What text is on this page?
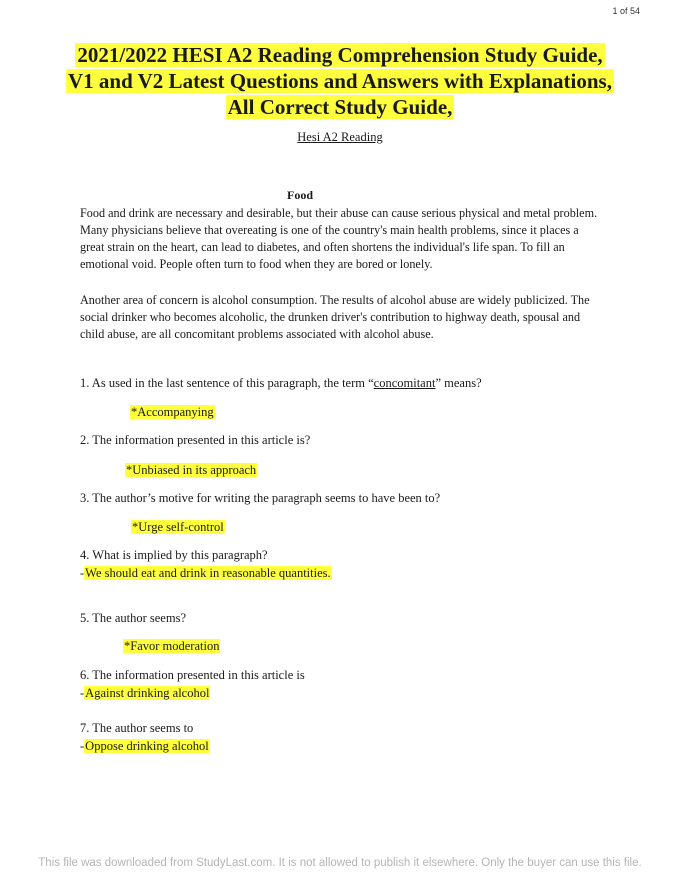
1 of 54
2021/2022 HESI A2 Reading Comprehension Study Guide,
V1 and V2 Latest Questions and Answers with Explanations,
All Correct Study Guide,
Hesi A2 Reading
Food

Food and drink are necessary and desirable, but their abuse can cause serious physical and metal problem. Many physicians believe that overeating is one of the country's main health problems, since it places a great strain on the heart, can lead to diabetes, and often shortens the individual's life span. To fill an emotional void. People often turn to food when they are bored or lonely.

Another area of concern is alcohol consumption. The results of alcohol abuse are widely publicized. The social drinker who becomes alcoholic, the drunken driver's contribution to highway death, spousal and child abuse, are all concomitant problems associated with alcohol abuse.

1. As used in the last sentence of this paragraph, the term “concomitant” means?
*Accompanying
2. The information presented in this article is?
*Unbiased in its approach
3. The author’s motive for writing the paragraph seems to have been to?
*Urge self-control
4. What is implied by this paragraph?
-We should eat and drink in reasonable quantities.
5. The author seems?
*Favor moderation
6. The information presented in this article is
-Against drinking alcohol
7. The author seems to
-Oppose drinking alcohol
This file was downloaded from StudyLast.com. It is not allowed to publish it elsewhere. Only the buyer can use this file.
